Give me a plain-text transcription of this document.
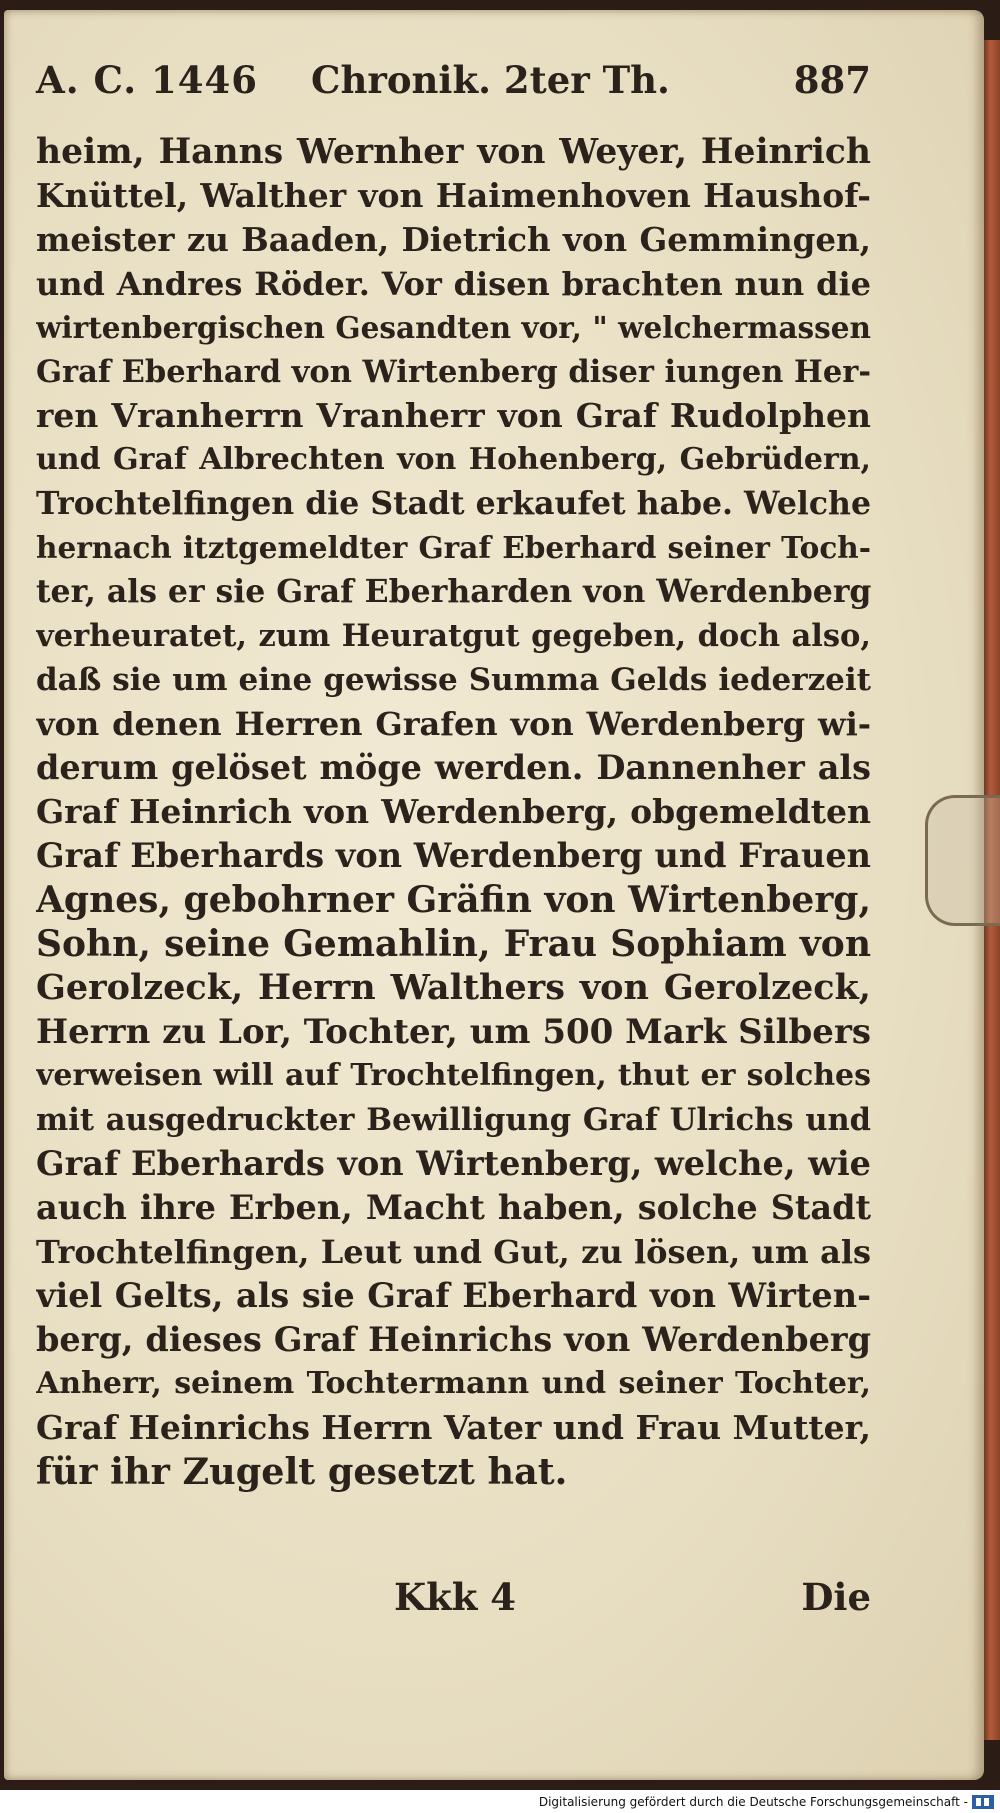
A. C. 1446 Chronik. 2ter Th.	887
heim, Hanns Wernher von Weyer, Heinrich
Knüttel, Walther von Haimenhoven Haushof-
meister zu Baaden, Dietrich von Gemmingen,
und Andres Röder. Vor disen brachten nun die
wirtenbergischen Gesandten vor, " welchermassen
Graf Eberhard von Wirtenberg diser iungen Her-
ren Vranherrn Vranherr von Graf Rudolphen
und Graf Albrechten von Hohenberg, Gebrüdern,
Trochtelfingen die Stadt erkaufet habe. Welche
hernach itztgemeldter Graf Eberhard seiner Toch-
ter, als er sie Graf Eberharden von Werdenberg
verheuratet, zum Heuratgut gegeben, doch also,
daß sie um eine gewisse Summa Gelds iederzeit
von denen Herren Grafen von Werdenberg wi-
derum gelöset möge werden. Dannenher als
Graf Heinrich von Werdenberg, obgemeldten
Graf Eberhards von Werdenberg und Frauen
Agnes, gebohrner Gräfin von Wirtenberg,
Sohn, seine Gemahlin, Frau Sophiam von
Gerolzeck, Herrn Walthers von Gerolzeck,
Herrn zu Lor, Tochter, um 500 Mark Silbers
verweisen will auf Trochtelfingen, thut er solches
mit ausgedruckter Bewilligung Graf Ulrichs und
Graf Eberhards von Wirtenberg, welche, wie
auch ihre Erben, Macht haben, solche Stadt
Trochtelfingen, Leut und Gut, zu lösen, um als
viel Gelts, als sie Graf Eberhard von Wirten-
berg, dieses Graf Heinrichs von Werdenberg
Anherr, seinem Tochtermann und seiner Tochter,
Graf Heinrichs Herrn Vater und Frau Mutter,
für ihr Zugelt gesetzt hat.
Kkk 4	Die
Digitalisierung gefördert durch die Deutsche Forschungsgemeinschaft -
